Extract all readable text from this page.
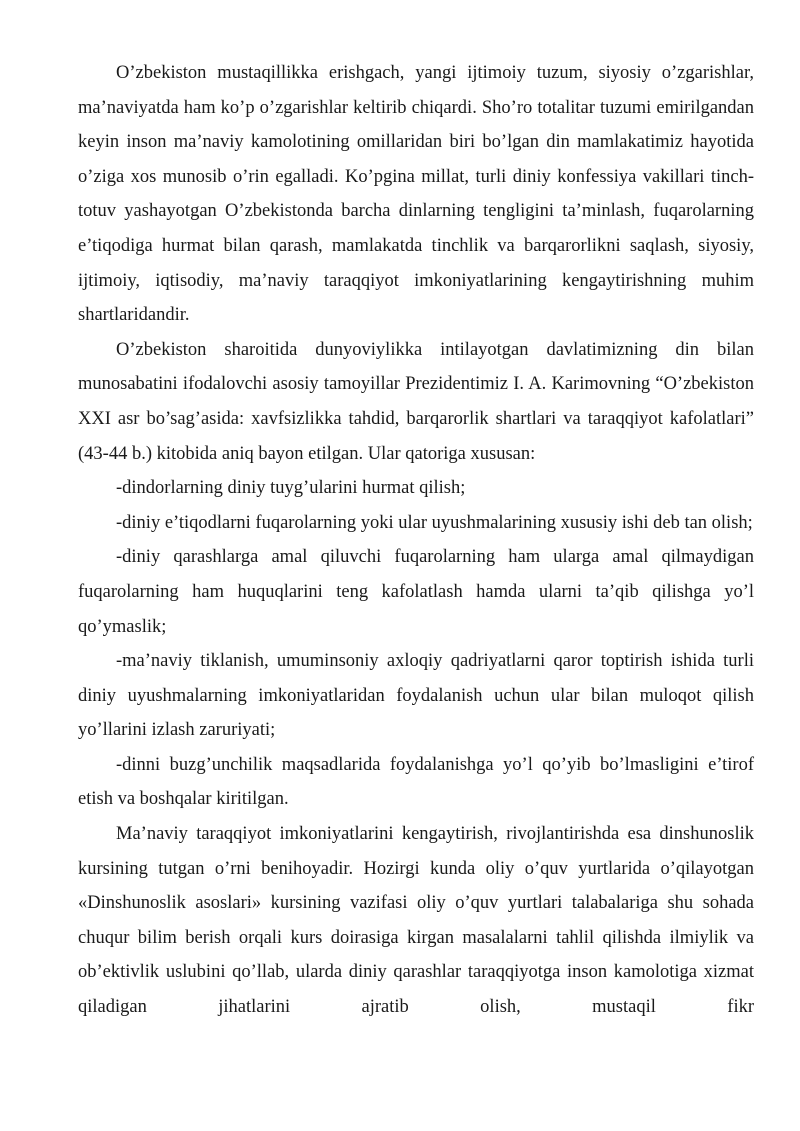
O’zbekiston mustaqillikka erishgach, yangi ijtimoiy tuzum, siyosiy o’zgarishlar, ma’naviyatda ham ko’p o’zgarishlar keltirib chiqardi. Sho’ro totalitar tuzumi emirilgandan keyin inson ma’naviy kamolotining omillaridan biri bo’lgan din mamlakatimiz hayotida o’ziga xos munosib o’rin egalladi. Ko’pgina millat, turli diniy konfessiya vakillari tinch-totuv yashayotgan O’zbekistonda barcha dinlarning tengligini ta’minlash, fuqarolarning e’tiqodiga hurmat bilan qarash, mamlakatda tinchlik va barqarorlikni saqlash, siyosiy, ijtimoiy, iqtisodiy, ma’naviy taraqqiyot imkoniyatlarining kengaytirishning muhim shartlaridandir.

O’zbekiston sharoitida dunyoviylikka intilayotgan davlatimizning din bilan munosabatini ifodalovchi asosiy tamoyillar Prezidentimiz I. A. Karimovning “O’zbekiston XXI asr bo’sag’asida: xavfsizlikka tahdid, barqarorlik shartlari va taraqqiyot kafolatlari” (43-44 b.) kitobida aniq bayon etilgan. Ular qatoriga xususan:

-dindorlarning diniy tuyg’ularini hurmat qilish;

-diniy e’tiqodlarni fuqarolarning yoki ular uyushmalarining xususiy ishi deb tan olish;

-diniy qarashlarga amal qiluvchi fuqarolarning ham ularga amal qilmaydigan fuqarolarning ham huquqlarini teng kafolatlash hamda ularni ta’qib qilishga yo’l qo’ymaslik;

-ma’naviy tiklanish, umuminsoniy axloqiy qadriyatlarni qaror toptirish ishida turli diniy uyushmalarning imkoniyatlaridan foydalanish uchun ular bilan muloqot qilish yo’llarini izlash zaruriyati;

-dinni buzg’unchilik maqsadlarida foydalanishga yo’l qo’yib bo’lmasligini e’tirof etish va boshqalar kiritilgan.

Ma’naviy taraqqiyot imkoniyatlarini kengaytirish, rivojlantirishda esa dinshunoslik kursining tutgan o’rni benihoyadir. Hozirgi kunda oliy o’quv yurtlarida o’qilayotgan «Dinshunoslik asoslari» kursining vazifasi oliy o’quv yurtlari talabalariga shu sohada chuqur bilim berish orqali kurs doirasiga kirgan masalalarni tahlil qilishda ilmiylik va ob’ektivlik uslubini qo’llab, ularda diniy qarashlar taraqqiyotga inson kamolotiga xizmat qiladigan jihatlarini ajratib olish, mustaqil fikr
